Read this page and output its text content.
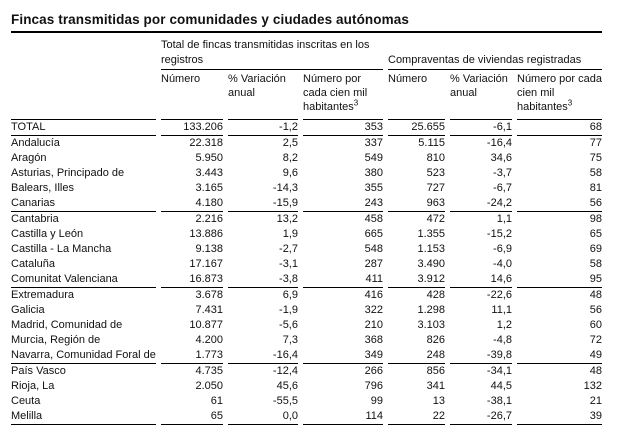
Fincas transmitidas por comunidades y ciudades autónomas
	Total de fincas transmitidas inscritas en los registros			Compraventas de viviendas registradas		
	Número	% Variación anual	Número por cada cien mil habitantes$^3$	Número	% Variación anual	Número por cada cien mil habitantes$^3$
TOTAL	133.206	-1,2	353	25.655	-6,1	68
Andalucía	22.318	2,5	337	5.115	-16,4	77
Aragón	5.950	8,2	549	810	34,6	75
Asturias, Principado de	3.443	9,6	380	523	-3,7	58
Balears, Illes	3.165	-14,3	355	727	-6,7	81
Canarias	4.180	-15,9	243	963	-24,2	56
Cantabria	2.216	13,2	458	472	1,1	98
Castilla y León	13.886	1,9	665	1.355	-15,2	65
Castilla - La Mancha	9.138	-2,7	548	1.153	-6,9	69
Cataluña	17.167	-3,1	287	3.490	-4,0	58
Comunitat Valenciana	16.873	-3,8	411	3.912	14,6	95
Extremadura	3.678	6,9	416	428	-22,6	48
Galicia	7.431	-1,9	322	1.298	11,1	56
Madrid, Comunidad de	10.877	-5,6	210	3.103	1,2	60
Murcia, Región de	4.200	7,3	368	826	-4,8	72
Navarra, Comunidad Foral de	1.773	-16,4	349	248	-39,8	49
País Vasco	4.735	-12,4	266	856	-34,1	48
Rioja, La	2.050	45,6	796	341	44,5	132
Ceuta	61	-55,5	99	13	-38,1	21
Melilla	65	0,0	114	22	-26,7	39
